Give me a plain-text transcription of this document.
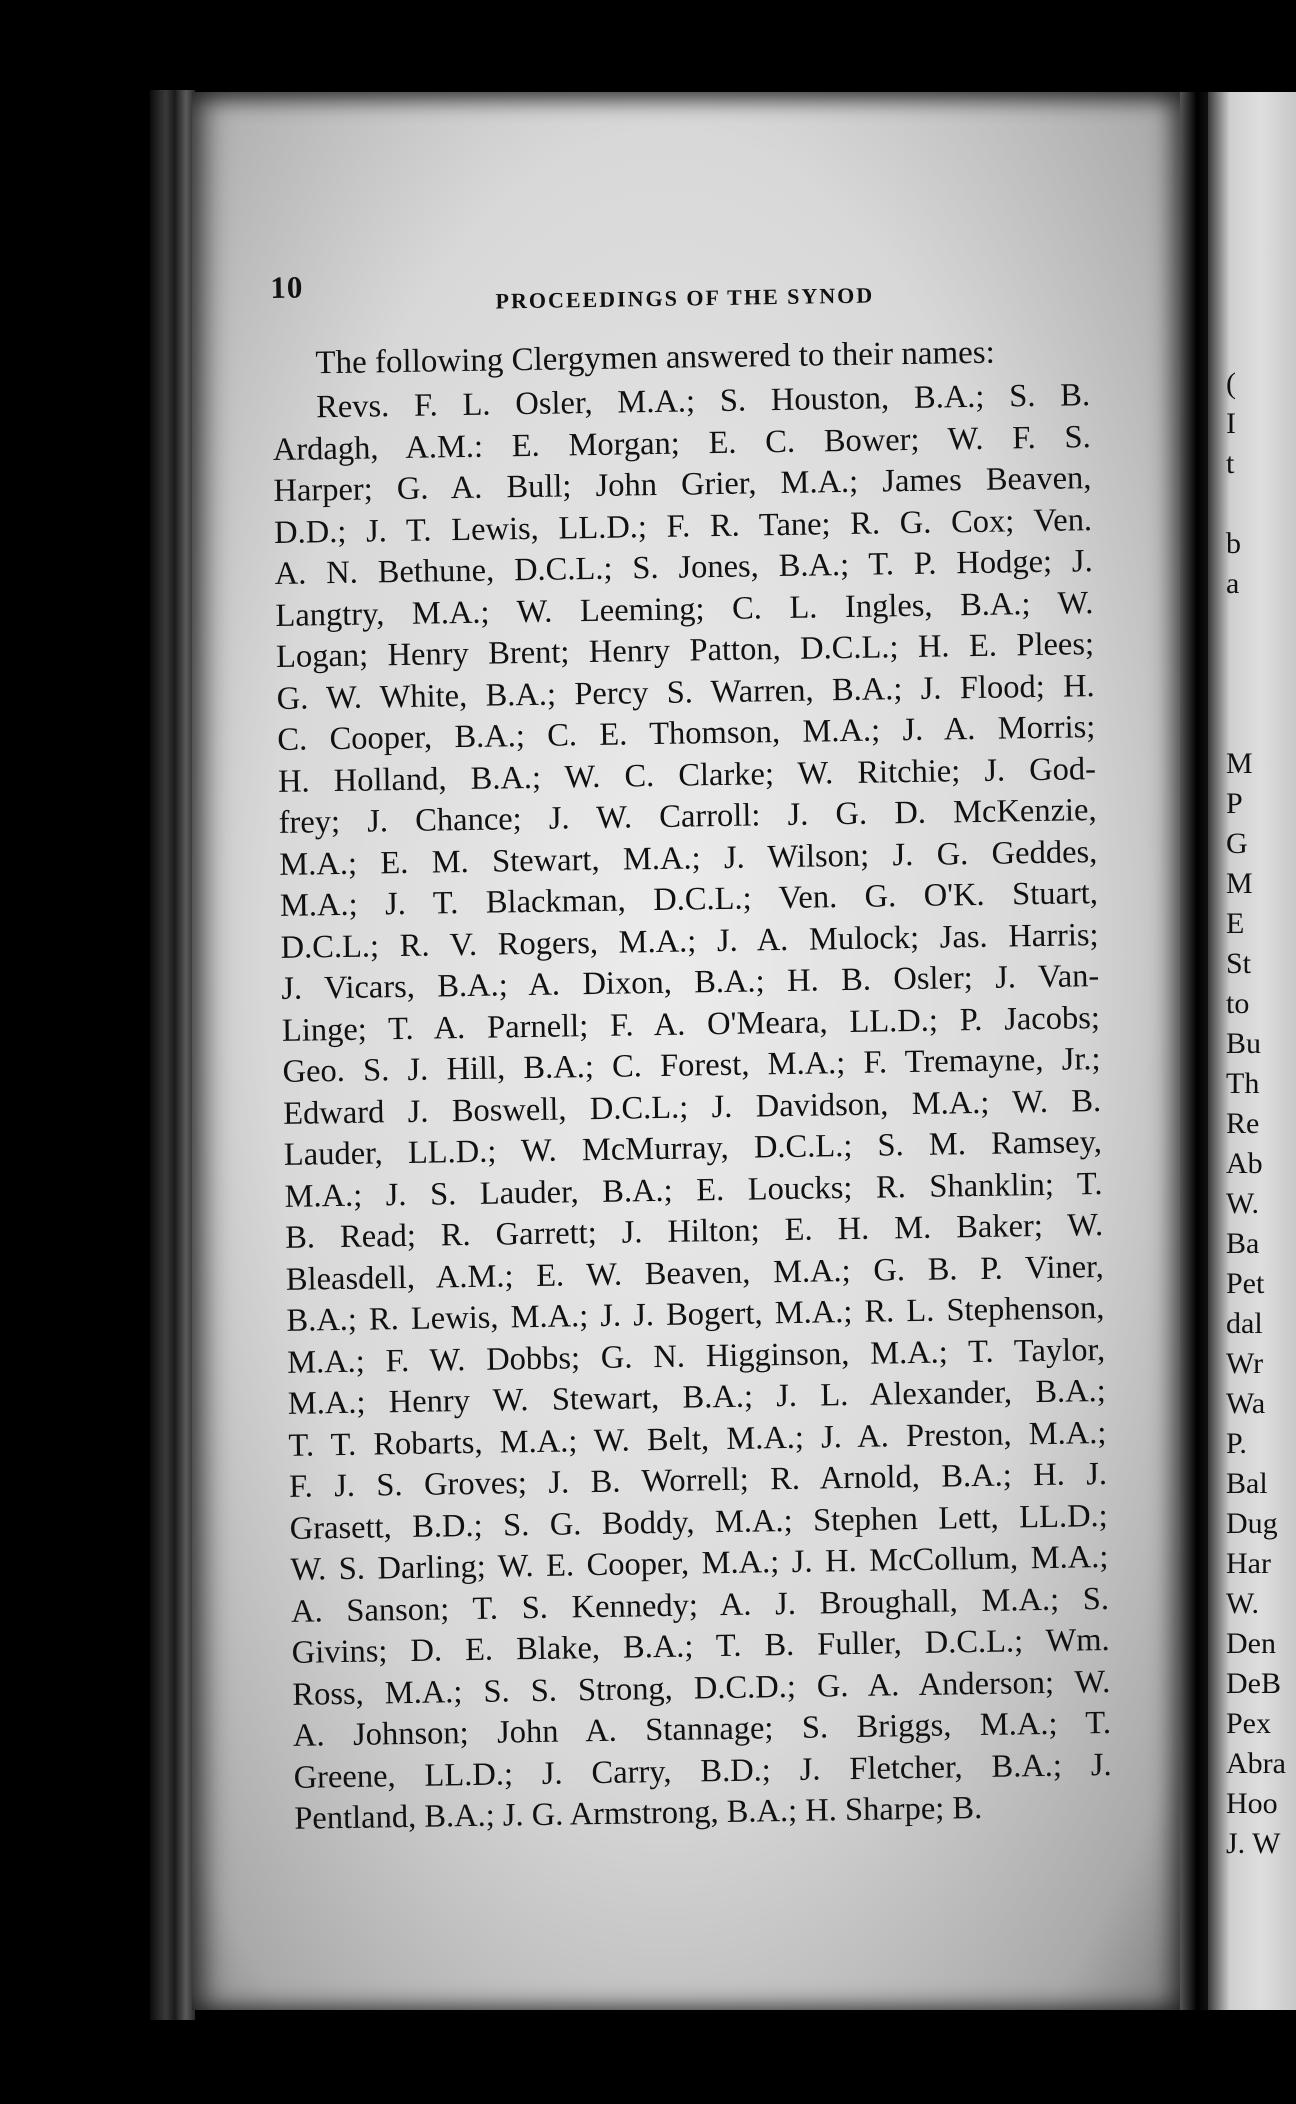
(
I
t
b
a
M
P
G
M
E
St
to
Bu
Th
Re
Ab
W.
Ba
Pet
dal
Wr
Wa
P.
Bal
Dug
Har
W.
Den
DeB
Pex
Abra
Hoo
J. W
10	PROCEEDINGS OF THE SYNOD
The following Clergymen answered to their names:
Revs. F. L. Osler, M.A.; S. Houston, B.A.; S. B.
Ardagh, A.M.: E. Morgan; E. C. Bower; W. F. S.
Harper; G. A. Bull; John Grier, M.A.; James Beaven,
D.D.; J. T. Lewis, LL.D.; F. R. Tane; R. G. Cox; Ven.
A. N. Bethune, D.C.L.; S. Jones, B.A.; T. P. Hodge; J.
Langtry, M.A.; W. Leeming; C. L. Ingles, B.A.; W.
Logan; Henry Brent; Henry Patton, D.C.L.; H. E. Plees;
G. W. White, B.A.; Percy S. Warren, B.A.; J. Flood; H.
C. Cooper, B.A.; C. E. Thomson, M.A.; J. A. Morris;
H. Holland, B.A.; W. C. Clarke; W. Ritchie; J. God-
frey; J. Chance; J. W. Carroll: J. G. D. McKenzie,
M.A.; E. M. Stewart, M.A.; J. Wilson; J. G. Geddes,
M.A.; J. T. Blackman, D.C.L.; Ven. G. O'K. Stuart,
D.C.L.; R. V. Rogers, M.A.; J. A. Mulock; Jas. Harris;
J. Vicars, B.A.; A. Dixon, B.A.; H. B. Osler; J. Van-
Linge; T. A. Parnell; F. A. O'Meara, LL.D.; P. Jacobs;
Geo. S. J. Hill, B.A.; C. Forest, M.A.; F. Tremayne, Jr.;
Edward J. Boswell, D.C.L.; J. Davidson, M.A.; W. B.
Lauder, LL.D.; W. McMurray, D.C.L.; S. M. Ramsey,
M.A.; J. S. Lauder, B.A.; E. Loucks; R. Shanklin; T.
B. Read; R. Garrett; J. Hilton; E. H. M. Baker; W.
Bleasdell, A.M.; E. W. Beaven, M.A.; G. B. P. Viner,
B.A.; R. Lewis, M.A.; J. J. Bogert, M.A.; R. L. Stephenson,
M.A.; F. W. Dobbs; G. N. Higginson, M.A.; T. Taylor,
M.A.; Henry W. Stewart, B.A.; J. L. Alexander, B.A.;
T. T. Robarts, M.A.; W. Belt, M.A.; J. A. Preston, M.A.;
F. J. S. Groves; J. B. Worrell; R. Arnold, B.A.; H. J.
Grasett, B.D.; S. G. Boddy, M.A.; Stephen Lett, LL.D.;
W. S. Darling; W. E. Cooper, M.A.; J. H. McCollum, M.A.;
A. Sanson; T. S. Kennedy; A. J. Broughall, M.A.; S.
Givins; D. E. Blake, B.A.; T. B. Fuller, D.C.L.; Wm.
Ross, M.A.; S. S. Strong, D.C.D.; G. A. Anderson; W.
A. Johnson; John A. Stannage; S. Briggs, M.A.; T.
Greene, LL.D.; J. Carry, B.D.; J. Fletcher, B.A.; J.
Pentland, B.A.; J. G. Armstrong, B.A.; H. Sharpe; B.
